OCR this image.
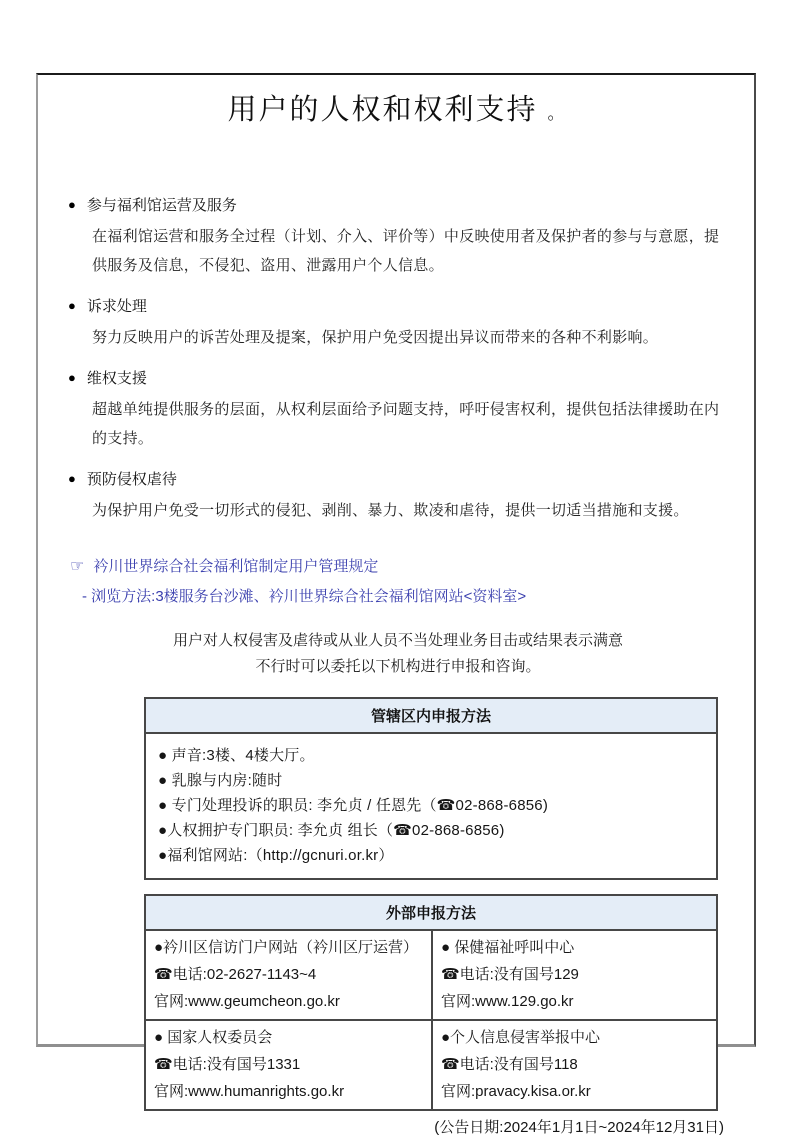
用户的人权和权利支持 。
● 参与福利馆运营及服务
在福利馆运营和服务全过程（计划、介入、评价等）中反映使用者及保护者的参与与意愿，提供服务及信息，不侵犯、盗用、泄露用户个人信息。
● 诉求处理
努力反映用户的诉苦处理及提案，保护用户免受因提出异议而带来的各种不利影响。
● 维权支援
超越单纯提供服务的层面，从权利层面给予问题支持，呼吁侵害权利，提供包括法律援助在内的支持。
● 预防侵权虐待
为保护用户免受一切形式的侵犯、剥削、暴力、欺凌和虐待，提供一切适当措施和支援。
☞ 衿川世界综合社会福利馆制定用户管理规定
- 浏览方法:3楼服务台沙滩、衿川世界综合社会福利馆网站<资料室>
用户对人权侵害及虐待或从业人员不当处理业务目击或结果表示满意
不行时可以委托以下机构进行申报和咨询。
管辖区内申报方法
● 声音:3楼、4楼大厅。
● 乳腺与内房:随时
● 专门处理投诉的职员: 李允贞 / 任恩先（☎02-868-6856)
●人权拥护专门职员: 李允贞 组长（☎02-868-6856)
●福利馆网站:（http://gcnuri.or.kr）
外部申报方法
●衿川区信访门户网站（衿川区厅运营）
☎电话:02-2627-1143~4
官网:www.geumcheon.go.kr
● 保健福祉呼叫中心
☎电话:没有国号129
官网:www.129.go.kr
● 国家人权委员会
☎电话:没有国号1331
官网:www.humanrights.go.kr
●个人信息侵害举报中心
☎电话:没有国号118
官网:pravacy.kisa.or.kr
(公告日期:2024年1月1日~2024年12月31日)
